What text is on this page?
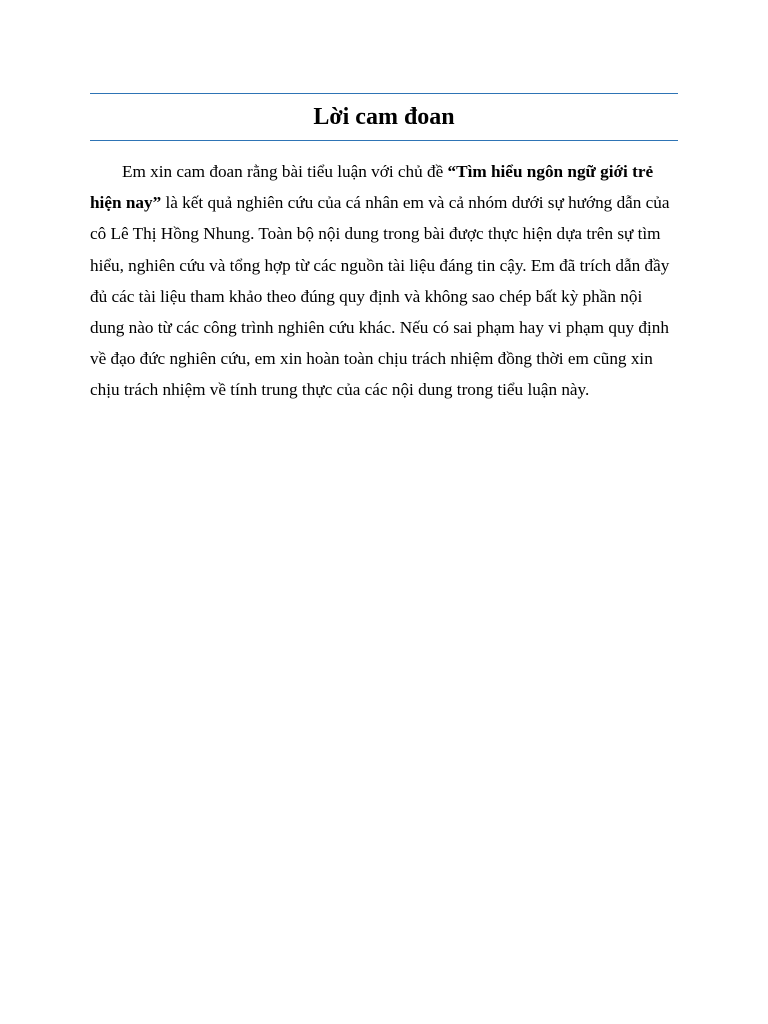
Lời cam đoan

Em xin cam đoan rằng bài tiểu luận với chủ đề “Tìm hiểu ngôn ngữ giới trẻ hiện nay” là kết quả nghiên cứu của cá nhân em và cả nhóm dưới sự hướng dẫn của cô Lê Thị Hồng Nhung. Toàn bộ nội dung trong bài được thực hiện dựa trên sự tìm hiểu, nghiên cứu và tổng hợp từ các nguồn tài liệu đáng tin cậy. Em đã trích dẫn đầy đủ các tài liệu tham khảo theo đúng quy định và không sao chép bất kỳ phần nội dung nào từ các công trình nghiên cứu khác. Nếu có sai phạm hay vi phạm quy định về đạo đức nghiên cứu, em xin hoàn toàn chịu trách nhiệm đồng thời em cũng xin chịu trách nhiệm về tính trung thực của các nội dung trong tiểu luận này.
